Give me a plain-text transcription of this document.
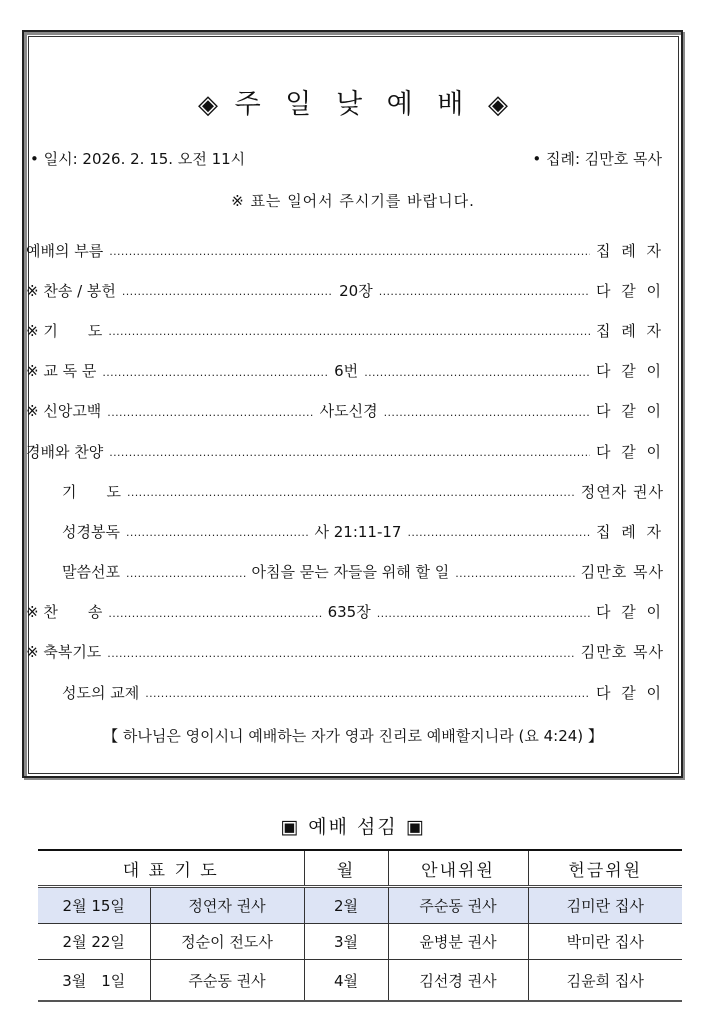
◈ 주 일 낮 예 배 ◈
• 일시: 2026. 2. 15. 오전 11시	• 집례: 김만호 목사
※ 표는 일어서 주시기를 바랍니다.
예배의 부름 .....	집 례 자
※ 찬송 / 봉헌 .....	20장 .....	다 같 이
※ 기　　도 .....	집 례 자
※ 교 독 문 .....	6번 .....	다 같 이
※ 신앙고백 .....	사도신경 .....	다 같 이
경배와 찬양 .....	다 같 이
기　　도 .....	정연자 권사
성경봉독 .....	사 21:11-17 .....	집 례 자
말씀선포 .....	아침을 묻는 자들을 위해 할 일 .....	김만호 목사
※ 찬　　송 .....	635장 .....	다 같 이
※ 축복기도 .....	김만호 목사
성도의 교제 .....	다 같 이
【 하나님은 영이시니 예배하는 자가 영과 진리로 예배할지니라 (요 4:24) 】
▣ 예배 섬김 ▣
대 표 기 도		월	안내위원	헌금위원
2월 15일	정연자 권사	2월	주순동 권사	김미란 집사
2월 22일	정순이 전도사	3월	윤병분 권사	박미란 집사
3월　1일	주순동 권사	4월	김선경 권사	김윤희 집사
